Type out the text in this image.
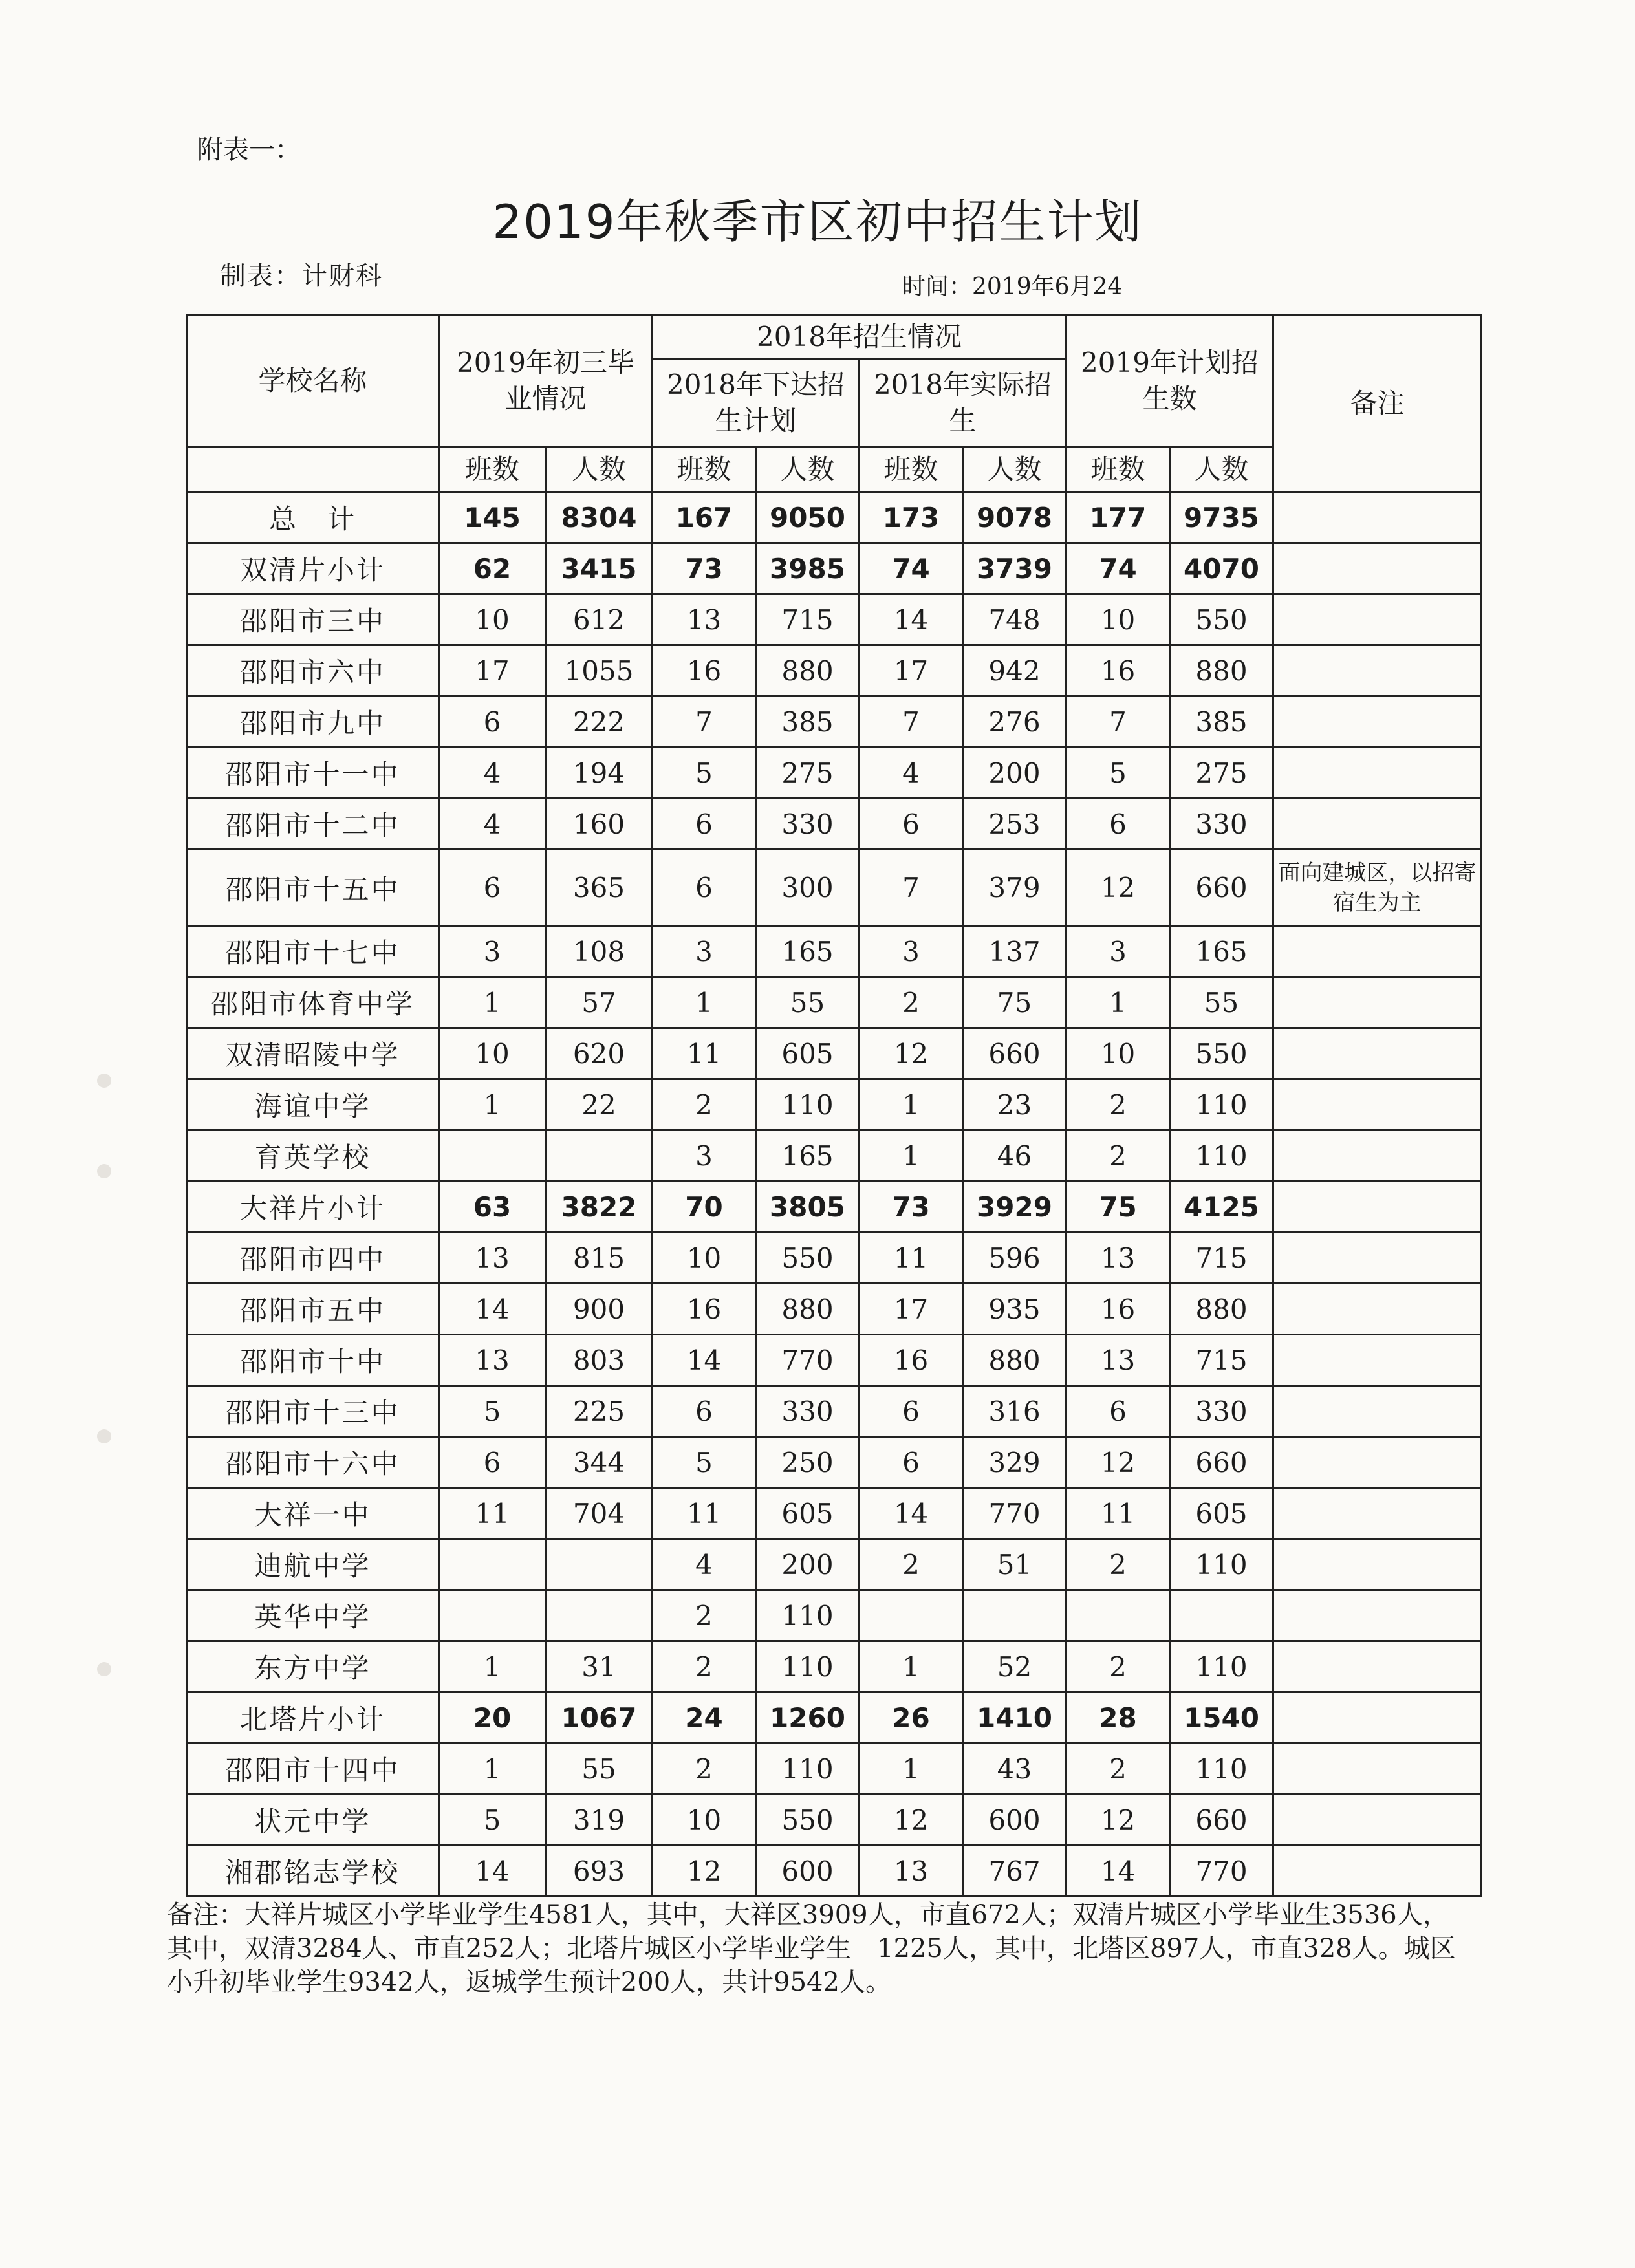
附表一：
2019年秋季市区初中招生计划
制表：计财科	时间：2019年6月24
学校名称	2019年初三毕业情况		2018年招生情况				2019年计划招生数		备注
			2018年下达招生计划		2018年实际招生				

	班数	人数	班数	人数	班数	人数	班数	人数	
总　计	145	8304	167	9050	173	9078	177	9735	
双清片小计	62	3415	73	3985	74	3739	74	4070	
邵阳市三中	10	612	13	715	14	748	10	550	
邵阳市六中	17	1055	16	880	17	942	16	880	
邵阳市九中	6	222	7	385	7	276	7	385	
邵阳市十一中	4	194	5	275	4	200	5	275	
邵阳市十二中	4	160	6	330	6	253	6	330	
邵阳市十五中	6	365	6	300	7	379	12	660	面向建城区，以招寄宿生为主
邵阳市十七中	3	108	3	165	3	137	3	165	
邵阳市体育中学	1	57	1	55	2	75	1	55	
双清昭陵中学	10	620	11	605	12	660	10	550	
海谊中学	1	22	2	110	1	23	2	110	
育英学校			3	165	1	46	2	110	
大祥片小计	63	3822	70	3805	73	3929	75	4125	
邵阳市四中	13	815	10	550	11	596	13	715	
邵阳市五中	14	900	16	880	17	935	16	880	
邵阳市十中	13	803	14	770	16	880	13	715	
邵阳市十三中	5	225	6	330	6	316	6	330	
邵阳市十六中	6	344	5	250	6	329	12	660	
大祥一中	11	704	11	605	14	770	11	605	
迪航中学			4	200	2	51	2	110	
英华中学			2	110					
东方中学	1	31	2	110	1	52	2	110	
北塔片小计	20	1067	24	1260	26	1410	28	1540	
邵阳市十四中	1	55	2	110	1	43	2	110	
状元中学	5	319	10	550	12	600	12	660	
湘郡铭志学校	14	693	12	600	13	767	14	770	
备注：大祥片城区小学毕业学生4581人，其中，大祥区3909人，市直672人；双清片城区小学毕业生3536人，其中，双清3284人、市直252人；北塔片城区小学毕业学生　1225人，其中，北塔区897人，市直328人。城区小升初毕业学生9342人，返城学生预计200人，共计9542人。
